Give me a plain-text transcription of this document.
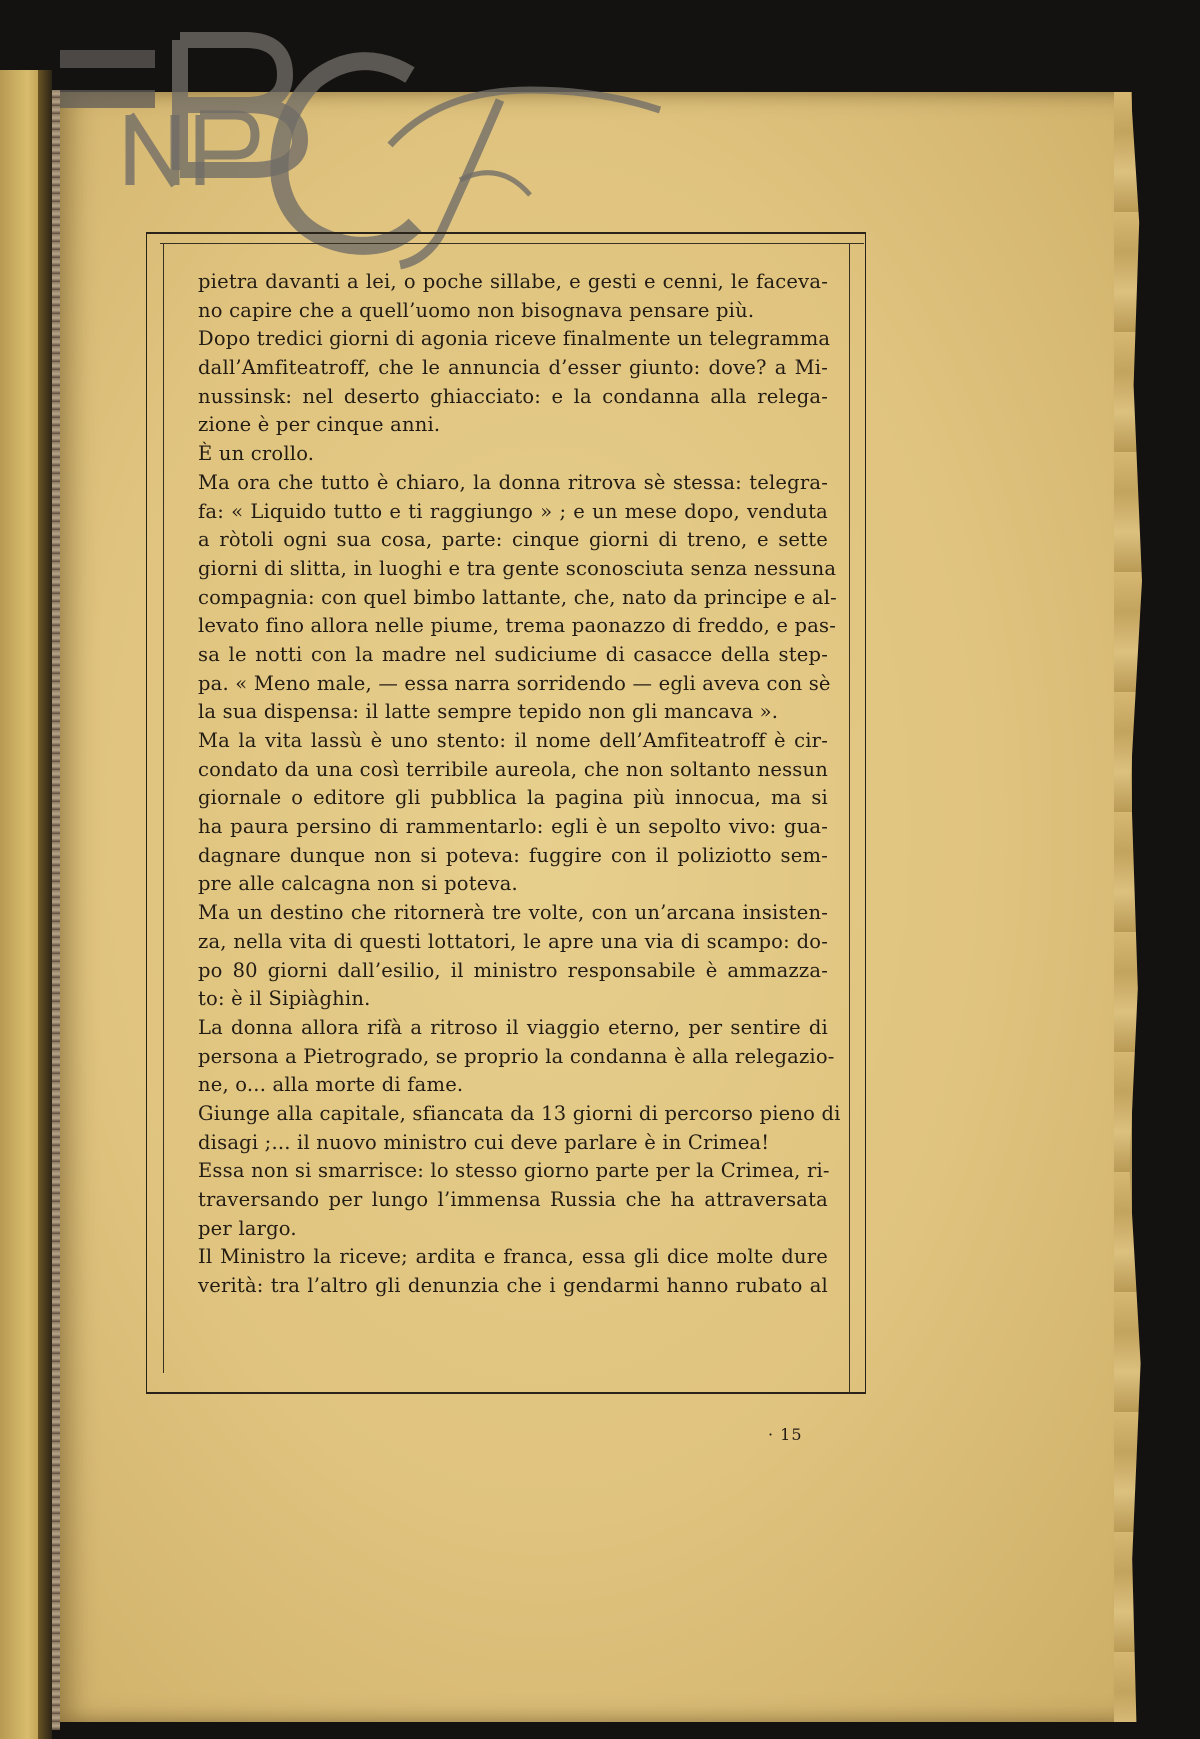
pietra davanti a lei, o poche sillabe, e gesti e cenni, le faceva-
no capire che a quell’uomo non bisognava pensare più.
Dopo tredici giorni di agonia riceve finalmente un telegramma
dall’Amfiteatroff, che le annuncia d’esser giunto: dove? a Mi-
nussinsk: nel deserto ghiacciato: e la condanna alla relega-
zione è per cinque anni.
È un crollo.
Ma ora che tutto è chiaro, la donna ritrova sè stessa: telegra-
fa: « Liquido tutto e ti raggiungo » ; e un mese dopo, venduta
a ròtoli ogni sua cosa, parte: cinque giorni di treno, e sette
giorni di slitta, in luoghi e tra gente sconosciuta senza nessuna
compagnia: con quel bimbo lattante, che, nato da principe e al-
levato fino allora nelle piume, trema paonazzo di freddo, e pas-
sa le notti con la madre nel sudiciume di casacce della step-
pa. « Meno male, — essa narra sorridendo — egli aveva con sè
la sua dispensa: il latte sempre tepido non gli mancava ».
Ma la vita lassù è uno stento: il nome dell’Amfiteatroff è cir-
condato da una così terribile aureola, che non soltanto nessun
giornale o editore gli pubblica la pagina più innocua, ma si
ha paura persino di rammentarlo: egli è un sepolto vivo: gua-
dagnare dunque non si poteva: fuggire con il poliziotto sem-
pre alle calcagna non si poteva.
Ma un destino che ritornerà tre volte, con un’arcana insisten-
za, nella vita di questi lottatori, le apre una via di scampo: do-
po 80 giorni dall’esilio, il ministro responsabile è ammazza-
to: è il Sipiàghin.
La donna allora rifà a ritroso il viaggio eterno, per sentire di
persona a Pietrogrado, se proprio la condanna è alla relegazio-
ne, o... alla morte di fame.
Giunge alla capitale, sfiancata da 13 giorni di percorso pieno di
disagi ;... il nuovo ministro cui deve parlare è in Crimea!
Essa non si smarrisce: lo stesso giorno parte per la Crimea, ri-
traversando per lungo l’immensa Russia che ha attraversata
per largo.
Il Ministro la riceve; ardita e franca, essa gli dice molte dure
verità: tra l’altro gli denunzia che i gendarmi hanno rubato al
· 15
